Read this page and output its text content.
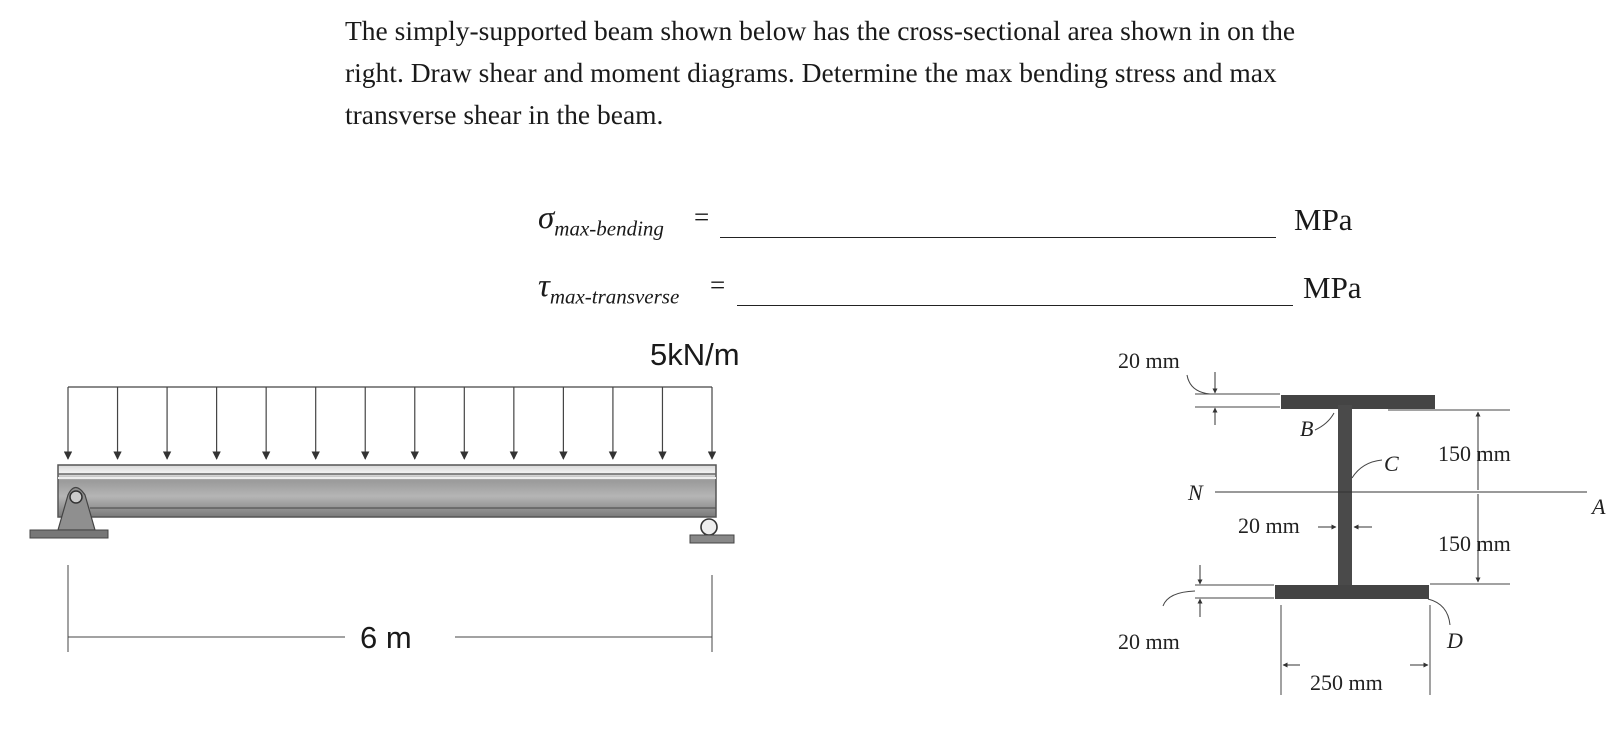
The simply-supported beam shown below has the cross-sectional area shown in on the
right. Draw shear and moment diagrams. Determine the max bending stress and max
transverse shear in the beam.
$\sigma_{max-bending}$ =	MPa
$\tau_{max-transverse}$ =	MPa
5kN/m
6 m
N
A
20 mm
20 mm
20 mm
150 mm
150 mm
250 mm
B
C
D
